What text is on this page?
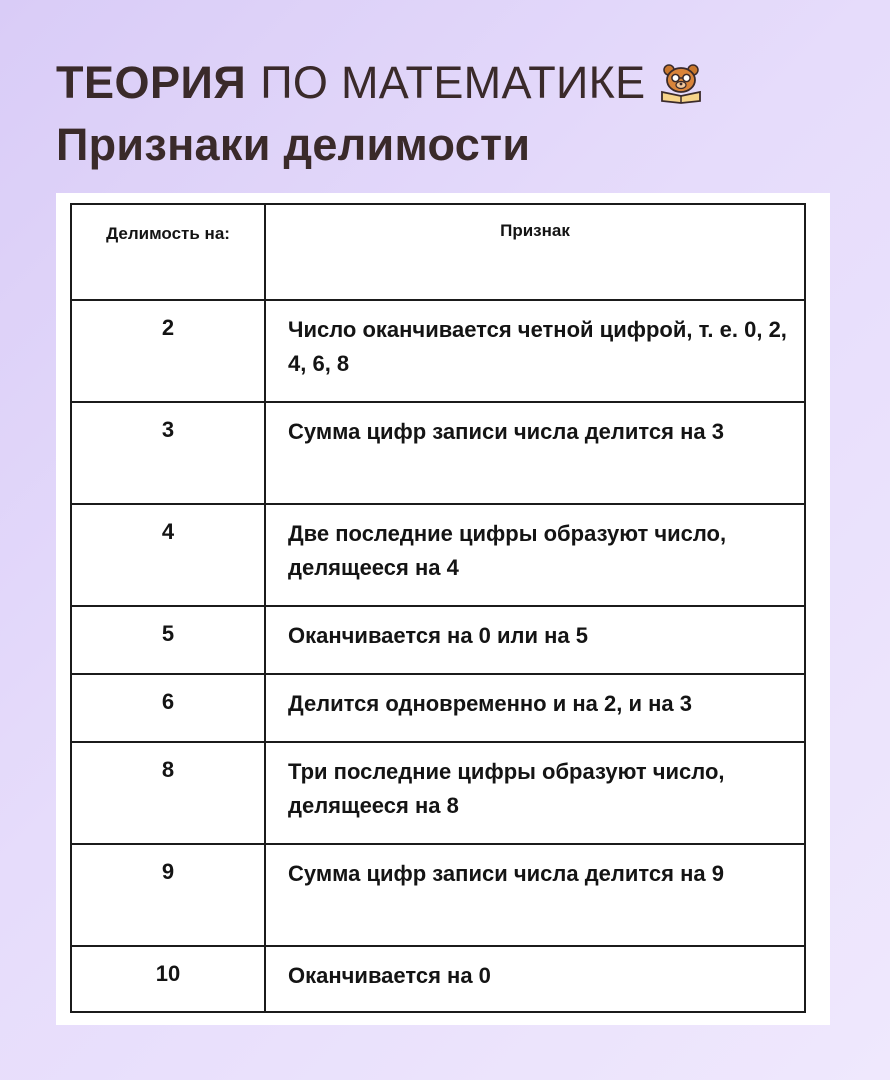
ТЕОРИЯ ПО МАТЕМАТИКЕ
Признаки делимости
Делимость на:	Признак
2	Число оканчивается четной цифрой, т. е. 0, 2, 4, 6, 8
3	Сумма цифр записи числа делится на 3
4	Две последние цифры образуют число, делящееся на 4
5	Оканчивается на 0 или на 5
6	Делится одновременно и на 2, и на 3
8	Три последние цифры образуют число, делящееся на 8
9	Сумма цифр записи числа делится на 9
10	Оканчивается на 0
